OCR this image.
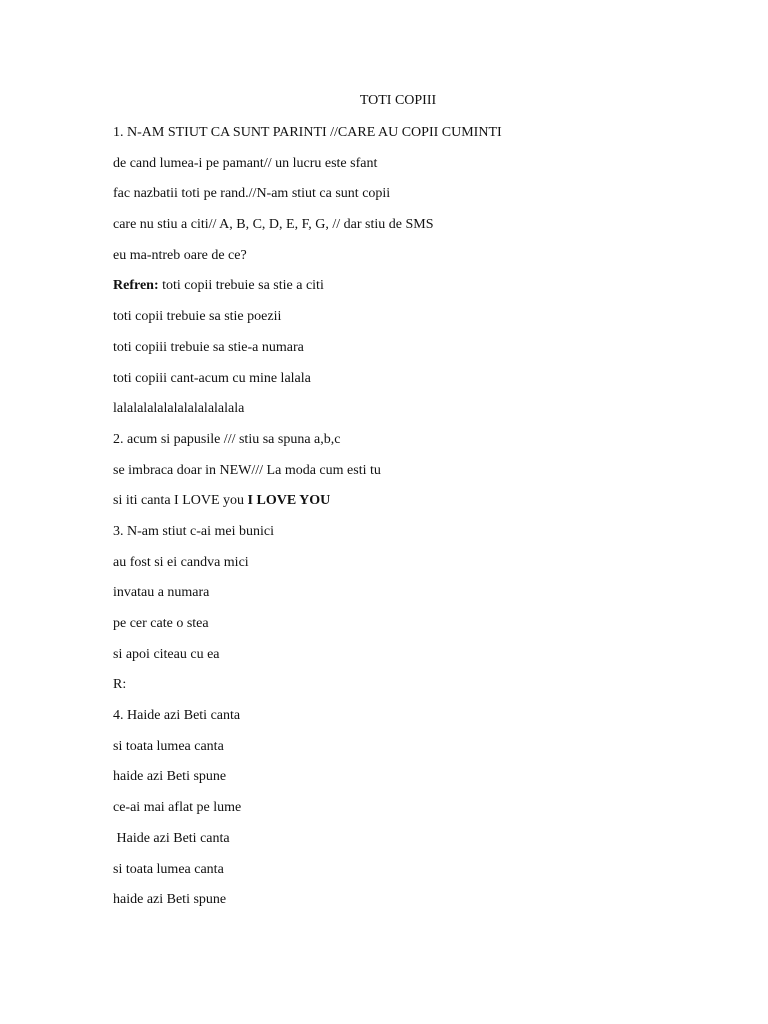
TOTI COPIII
1. N-AM STIUT CA SUNT PARINTI //CARE AU COPII CUMINTI
de cand lumea-i pe pamant// un lucru este sfant
fac nazbatii toti pe rand.//N-am stiut ca sunt copii
care nu stiu a citi// A, B, C, D, E, F, G, // dar stiu de SMS
eu ma-ntreb oare de ce?
Refren: toti copii trebuie sa stie a citi
toti copii trebuie sa stie poezii
toti copiii trebuie sa stie-a numara
toti copiii cant-acum cu mine lalala
lalalalalalalalalalalalala
2. acum si papusile /// stiu sa spuna a,b,c
se imbraca doar in NEW/// La moda cum esti tu
si iti canta I LOVE you I LOVE YOU
3. N-am stiut c-ai mei bunici
au fost si ei candva mici
invatau a numara
pe cer cate o stea
si apoi citeau cu ea
R:
4. Haide azi Beti canta
si toata lumea canta
haide azi Beti spune
ce-ai mai aflat pe lume
Haide azi Beti canta
si toata lumea canta
haide azi Beti spune
